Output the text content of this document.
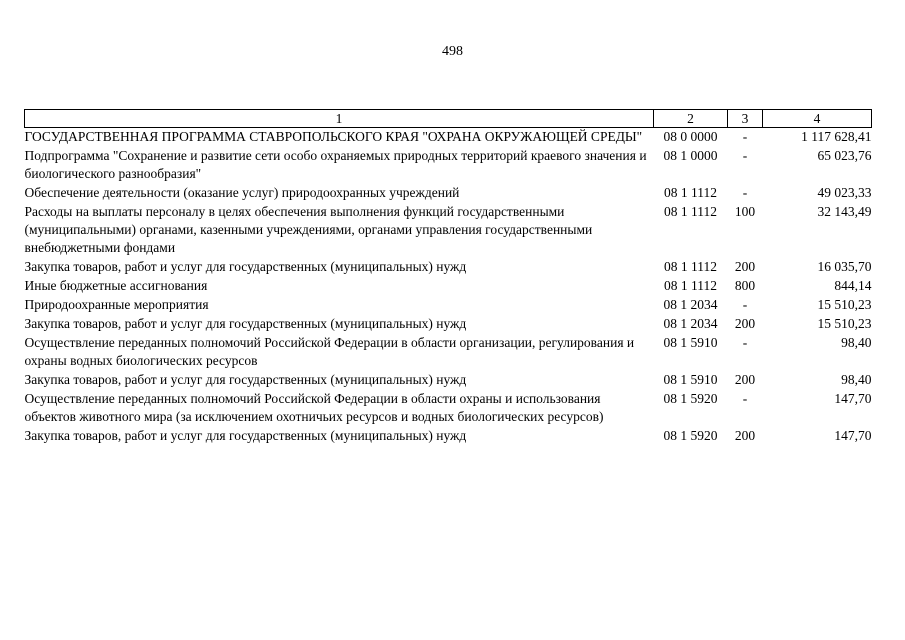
498
1	2	3	4
ГОСУДАРСТВЕННАЯ ПРОГРАММА СТАВРОПОЛЬСКОГО КРАЯ "ОХРАНА ОКРУЖАЮЩЕЙ СРЕДЫ"	08 0 0000	-	1 117 628,41
Подпрограмма "Сохранение и развитие сети особо охраняемых природных территорий краевого значения и биологического разнообразия"	08 1 0000	-	65 023,76
Обеспечение деятельности (оказание услуг) природоохранных учреждений	08 1 1112	-	49 023,33
Расходы на выплаты персоналу в целях обеспечения выполнения функций государственными (муниципальными) органами, казенными учреждениями, органами управления государственными внебюджетными фондами	08 1 1112	100	32 143,49
Закупка товаров, работ и услуг для государственных (муниципальных) нужд	08 1 1112	200	16 035,70
Иные бюджетные ассигнования	08 1 1112	800	844,14
Природоохранные мероприятия	08 1 2034	-	15 510,23
Закупка товаров, работ и услуг для государственных (муниципальных) нужд	08 1 2034	200	15 510,23
Осуществление переданных полномочий Российской Федерации в области организации, регулирования и охраны водных биологических ресурсов	08 1 5910	-	98,40
Закупка товаров, работ и услуг для государственных (муниципальных) нужд	08 1 5910	200	98,40
Осуществление переданных полномочий Российской Федерации в области охраны и использования объектов животного мира (за исключением охотничьих ресурсов и водных биологических ресурсов)	08 1 5920	-	147,70
Закупка товаров, работ и услуг для государственных (муниципальных) нужд	08 1 5920	200	147,70
